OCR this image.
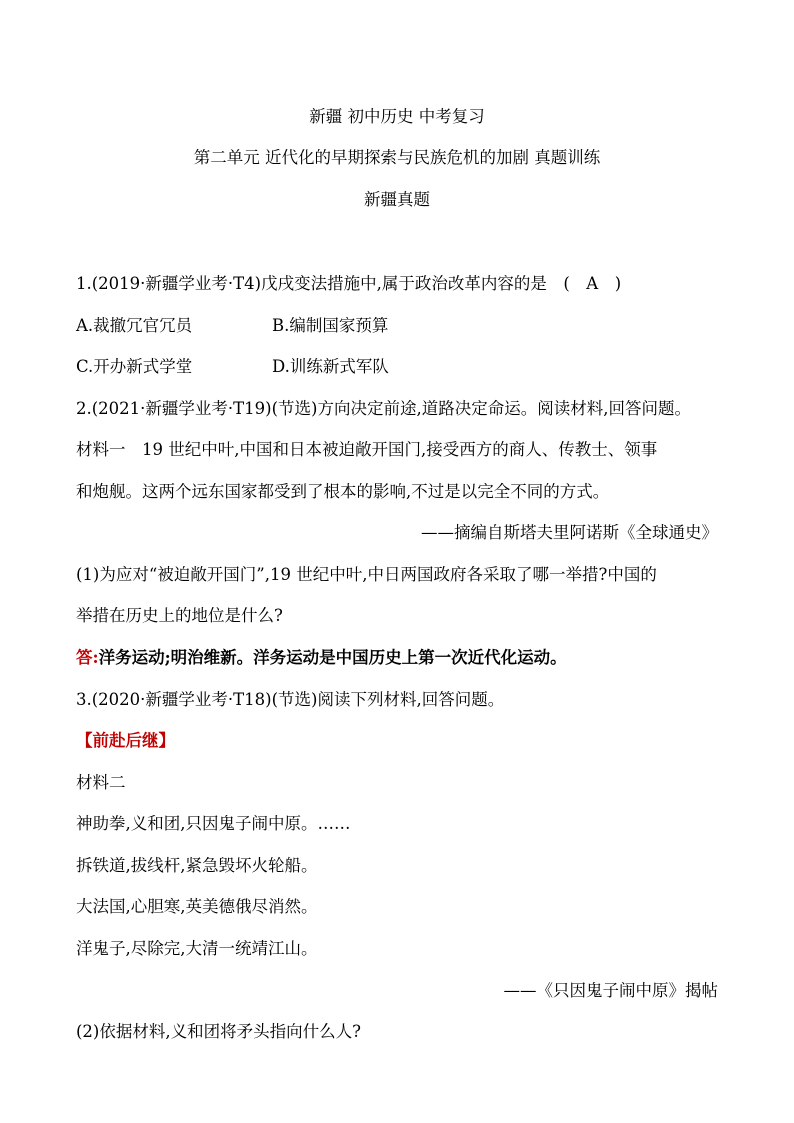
新疆 初中历史 中考复习
第二单元 近代化的早期探索与民族危机的加剧 真题训练
新疆真题
1.(2019·新疆学业考·T4)戊戌变法措施中,属于政治改革内容的是　(　A　)
A.裁撤冗官冗员	B.编制国家预算
C.开办新式学堂	D.训练新式军队
2.(2021·新疆学业考·T19)(节选)方向决定前途,道路决定命运。阅读材料,回答问题。
材料一　19 世纪中叶,中国和日本被迫敞开国门,接受西方的商人、传教士、领事
和炮舰。这两个远东国家都受到了根本的影响,不过是以完全不同的方式。
——摘编自斯塔夫里阿诺斯《全球通史》
(1)为应对“被迫敞开国门”,19 世纪中叶,中日两国政府各采取了哪一举措?中国的
举措在历史上的地位是什么?
答:洋务运动;明治维新。洋务运动是中国历史上第一次近代化运动。
3.(2020·新疆学业考·T18)(节选)阅读下列材料,回答问题。
【前赴后继】
材料二
神助拳,义和团,只因鬼子闹中原。……
拆铁道,拔线杆,紧急毁坏火轮船。
大法国,心胆寒,英美德俄尽消然。
洋鬼子,尽除完,大清一统靖江山。
——《只因鬼子闹中原》揭帖
(2)依据材料,义和团将矛头指向什么人?
